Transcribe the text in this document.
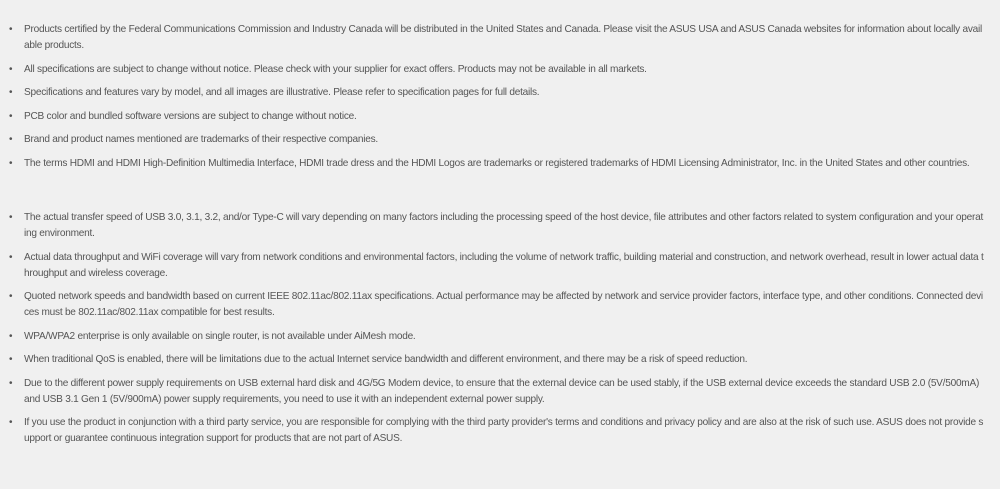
• Products certified by the Federal Communications Commission and Industry Canada will be distributed in the United States and Canada. Please visit the ASUS USA and ASUS Canada websites for information about locally available products.
• All specifications are subject to change without notice. Please check with your supplier for exact offers. Products may not be available in all markets.
• Specifications and features vary by model, and all images are illustrative. Please refer to specification pages for full details.
• PCB color and bundled software versions are subject to change without notice.
• Brand and product names mentioned are trademarks of their respective companies.
• The terms HDMI and HDMI High-Definition Multimedia Interface, HDMI trade dress and the HDMI Logos are trademarks or registered trademarks of HDMI Licensing Administrator, Inc. in the United States and other countries.
• The actual transfer speed of USB 3.0, 3.1, 3.2, and/or Type-C will vary depending on many factors including the processing speed of the host device, file attributes and other factors related to system configuration and your operating environment.
• Actual data throughput and WiFi coverage will vary from network conditions and environmental factors, including the volume of network traffic, building material and construction, and network overhead, result in lower actual data throughput and wireless coverage.
• Quoted network speeds and bandwidth based on current IEEE 802.11ac/802.11ax specifications. Actual performance may be affected by network and service provider factors, interface type, and other conditions. Connected devices must be 802.11ac/802.11ax compatible for best results.
• WPA/WPA2 enterprise is only available on single router, is not available under AiMesh mode.
• When traditional QoS is enabled, there will be limitations due to the actual Internet service bandwidth and different environment, and there may be a risk of speed reduction.
• Due to the different power supply requirements on USB external hard disk and 4G/5G Modem device, to ensure that the external device can be used stably, if the USB external device exceeds the standard USB 2.0 (5V/500mA) and USB 3.1 Gen 1 (5V/900mA) power supply requirements, you need to use it with an independent external power supply.
• If you use the product in conjunction with a third party service, you are responsible for complying with the third party provider's terms and conditions and privacy policy and are also at the risk of such use. ASUS does not provide support or guarantee continuous integration support for products that are not part of ASUS.
